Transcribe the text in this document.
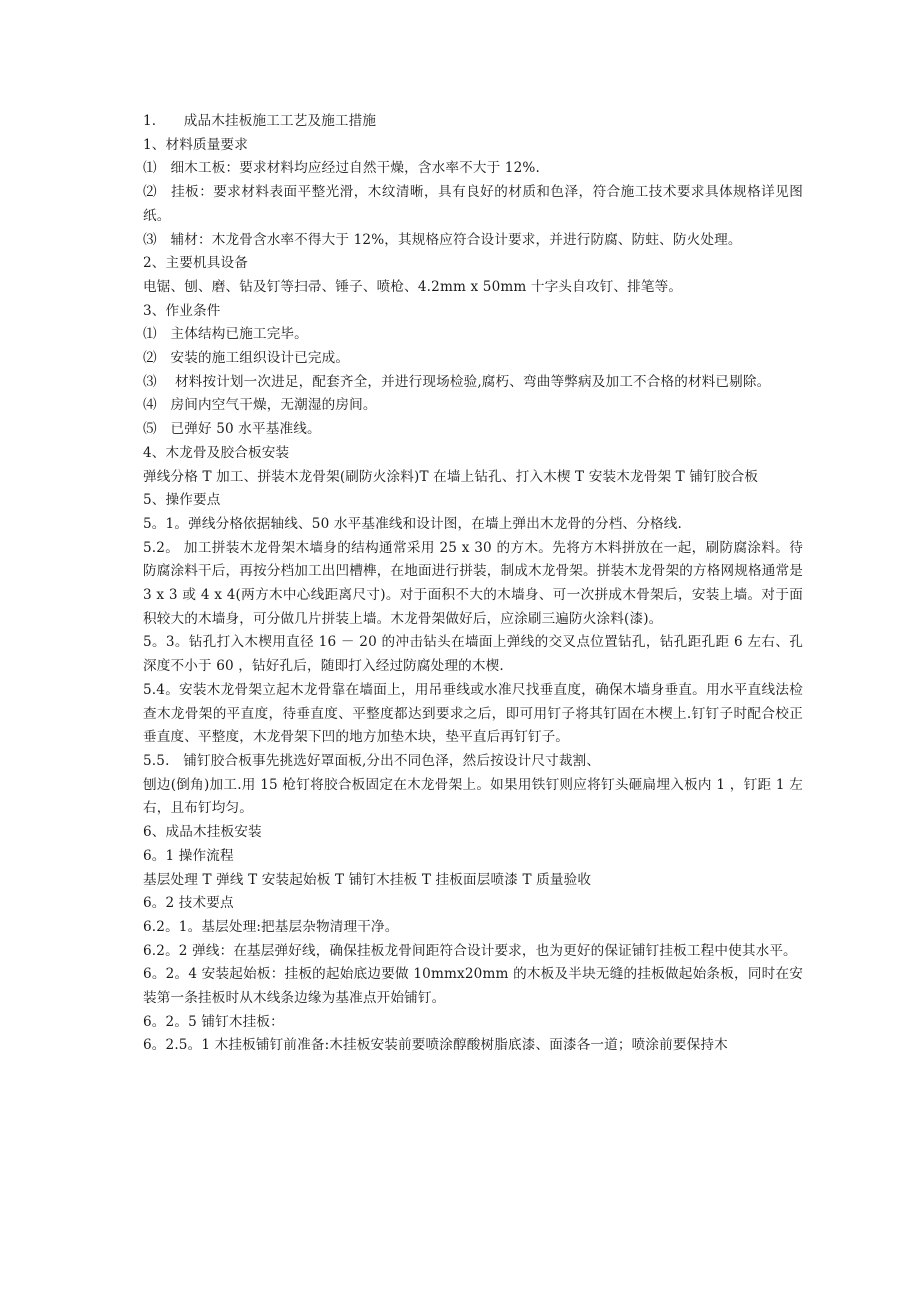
1.　　成品木挂板施工工艺及施工措施

1、材料质量要求

⑴　细木工板：要求材料均应经过自然干燥，含水率不大于 12%.

⑵　挂板：要求材料表面平整光滑，木纹清晰，具有良好的材质和色泽，符合施工技术要求具体规格详见图纸。

⑶　辅材：木龙骨含水率不得大于 12%，其规格应符合设计要求，并进行防腐、防蛀、防火处理。

2、主要机具设备

电锯、刨、磨、钻及钉等扫帚、锤子、喷枪、4.2mm x 50mm 十字头自攻钉、排笔等。

3、作业条件

⑴　主体结构已施工完毕。

⑵　安装的施工组织设计已完成。

⑶　 材料按计划一次进足，配套齐全，并进行现场检验,腐朽、弯曲等弊病及加工不合格的材料已剔除。

⑷　房间内空气干燥，无潮湿的房间。

⑸　已弹好 50 水平基准线。

4、木龙骨及胶合板安装

弹线分格 T 加工、拼装木龙骨架(刷防火涂料)T 在墙上钻孔、打入木楔 T 安装木龙骨架 T 铺钉胶合板

5、操作要点

5。1。弹线分格依据轴线、50 水平基准线和设计图，在墙上弹出木龙骨的分档、分格线.

5.2。 加工拼装木龙骨架木墙身的结构通常采用 25 x 30 的方木。先将方木料拼放在一起，刷防腐涂料。待防腐涂料干后，再按分档加工出凹槽榫，在地面进行拼装，制成木龙骨架。拼装木龙骨架的方格网规格通常是 3 x 3 或 4 x 4(两方木中心线距离尺寸)。对于面积不大的木墙身、可一次拼成木骨架后，安装上墙。对于面积较大的木墙身，可分做几片拼装上墙。木龙骨架做好后，应涂刷三遍防火涂料(漆)。

5。3。钻孔打入木楔用直径 16 － 20 的冲击钻头在墙面上弹线的交叉点位置钻孔，钻孔距孔距 6 左右、孔深度不小于 60 ，钻好孔后，随即打入经过防腐处理的木楔.

5.4。安装木龙骨架立起木龙骨靠在墙面上，用吊垂线或水准尺找垂直度，确保木墙身垂直。用水平直线法检查木龙骨架的平直度，待垂直度、平整度都达到要求之后，即可用钉子将其钉固在木楔上.钉钉子时配合校正垂直度、平整度，木龙骨架下凹的地方加垫木块，垫平直后再钉钉子。

5.5.　铺钉胶合板事先挑选好罩面板,分出不同色泽，然后按设计尺寸裁割、

刨边(倒角)加工.用 15 枪钉将胶合板固定在木龙骨架上。如果用铁钉则应将钉头砸扁埋入板内 1 ，钉距 1 左右，且布钉均匀。

6、成品木挂板安装

6。1 操作流程

基层处理 T 弹线 T 安装起始板 T 铺钉木挂板 T 挂板面层喷漆 T 质量验收

6。2 技术要点

6.2。1。基层处理:把基层杂物清理干净。

6.2。2 弹线：在基层弹好线，确保挂板龙骨间距符合设计要求，也为更好的保证铺钉挂板工程中使其水平。

6。2。4 安装起始板：挂板的起始底边要做 10mmx20mm 的木板及半块无缝的挂板做起始条板，同时在安装第一条挂板时从木线条边缘为基准点开始铺钉。

6。2。5 铺钉木挂板：

6。2.5。1 木挂板铺钉前准备:木挂板安装前要喷涂醇酸树脂底漆、面漆各一道；喷涂前要保持木
